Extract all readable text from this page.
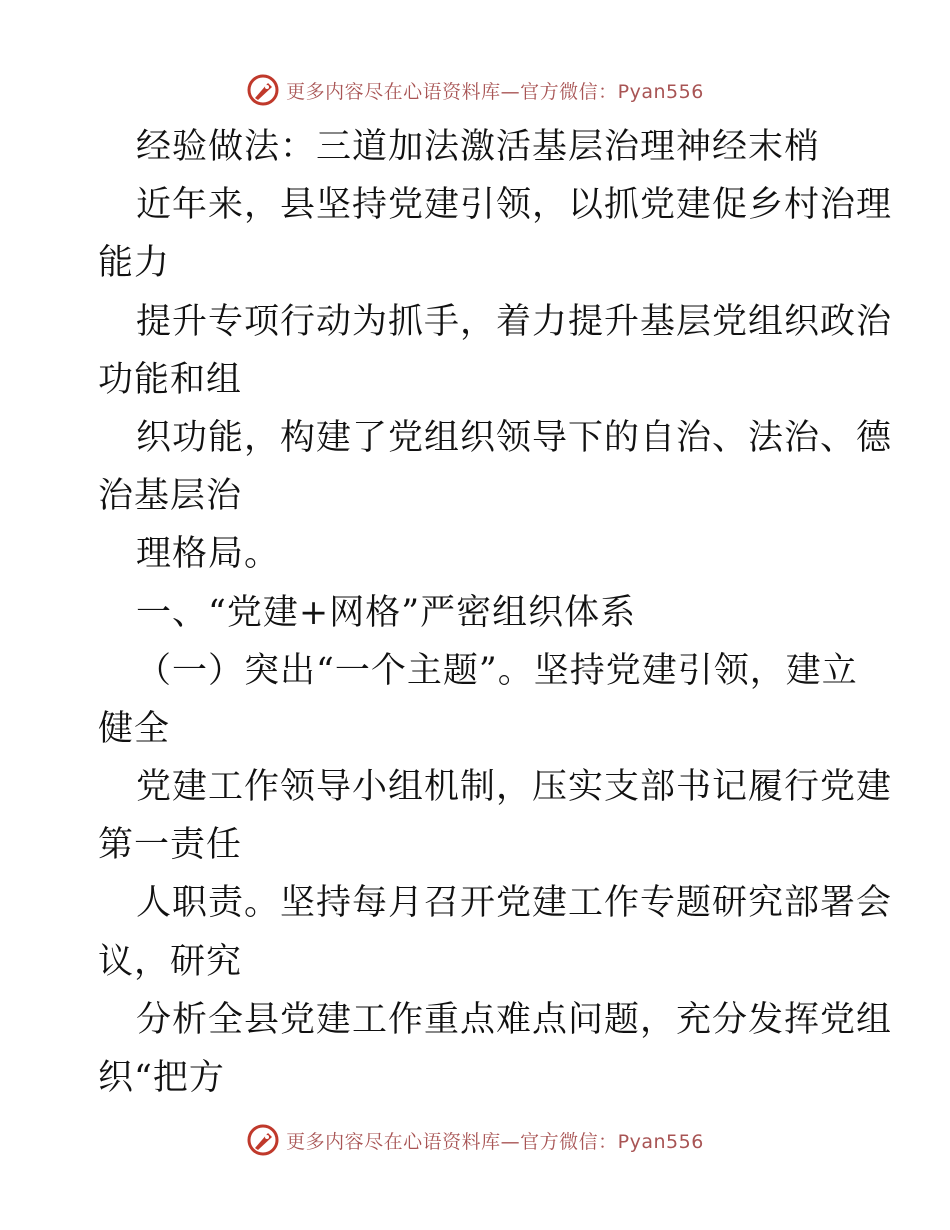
更多内容尽在心语资料库—官方微信：Pyan556
经验做法：三道加法激活基层治理神经末梢
近年来，县坚持党建引领，以抓党建促乡村治理
能力
提升专项行动为抓手，着力提升基层党组织政治
功能和组
织功能，构建了党组织领导下的自治、法治、德
治基层治
理格局。
一、“党建+网格”严密组织体系
（一）突出“一个主题”。坚持党建引领，建立
健全
党建工作领导小组机制，压实支部书记履行党建
第一责任
人职责。坚持每月召开党建工作专题研究部署会
议，研究
分析全县党建工作重点难点问题，充分发挥党组
织“把方
更多内容尽在心语资料库—官方微信：Pyan556
